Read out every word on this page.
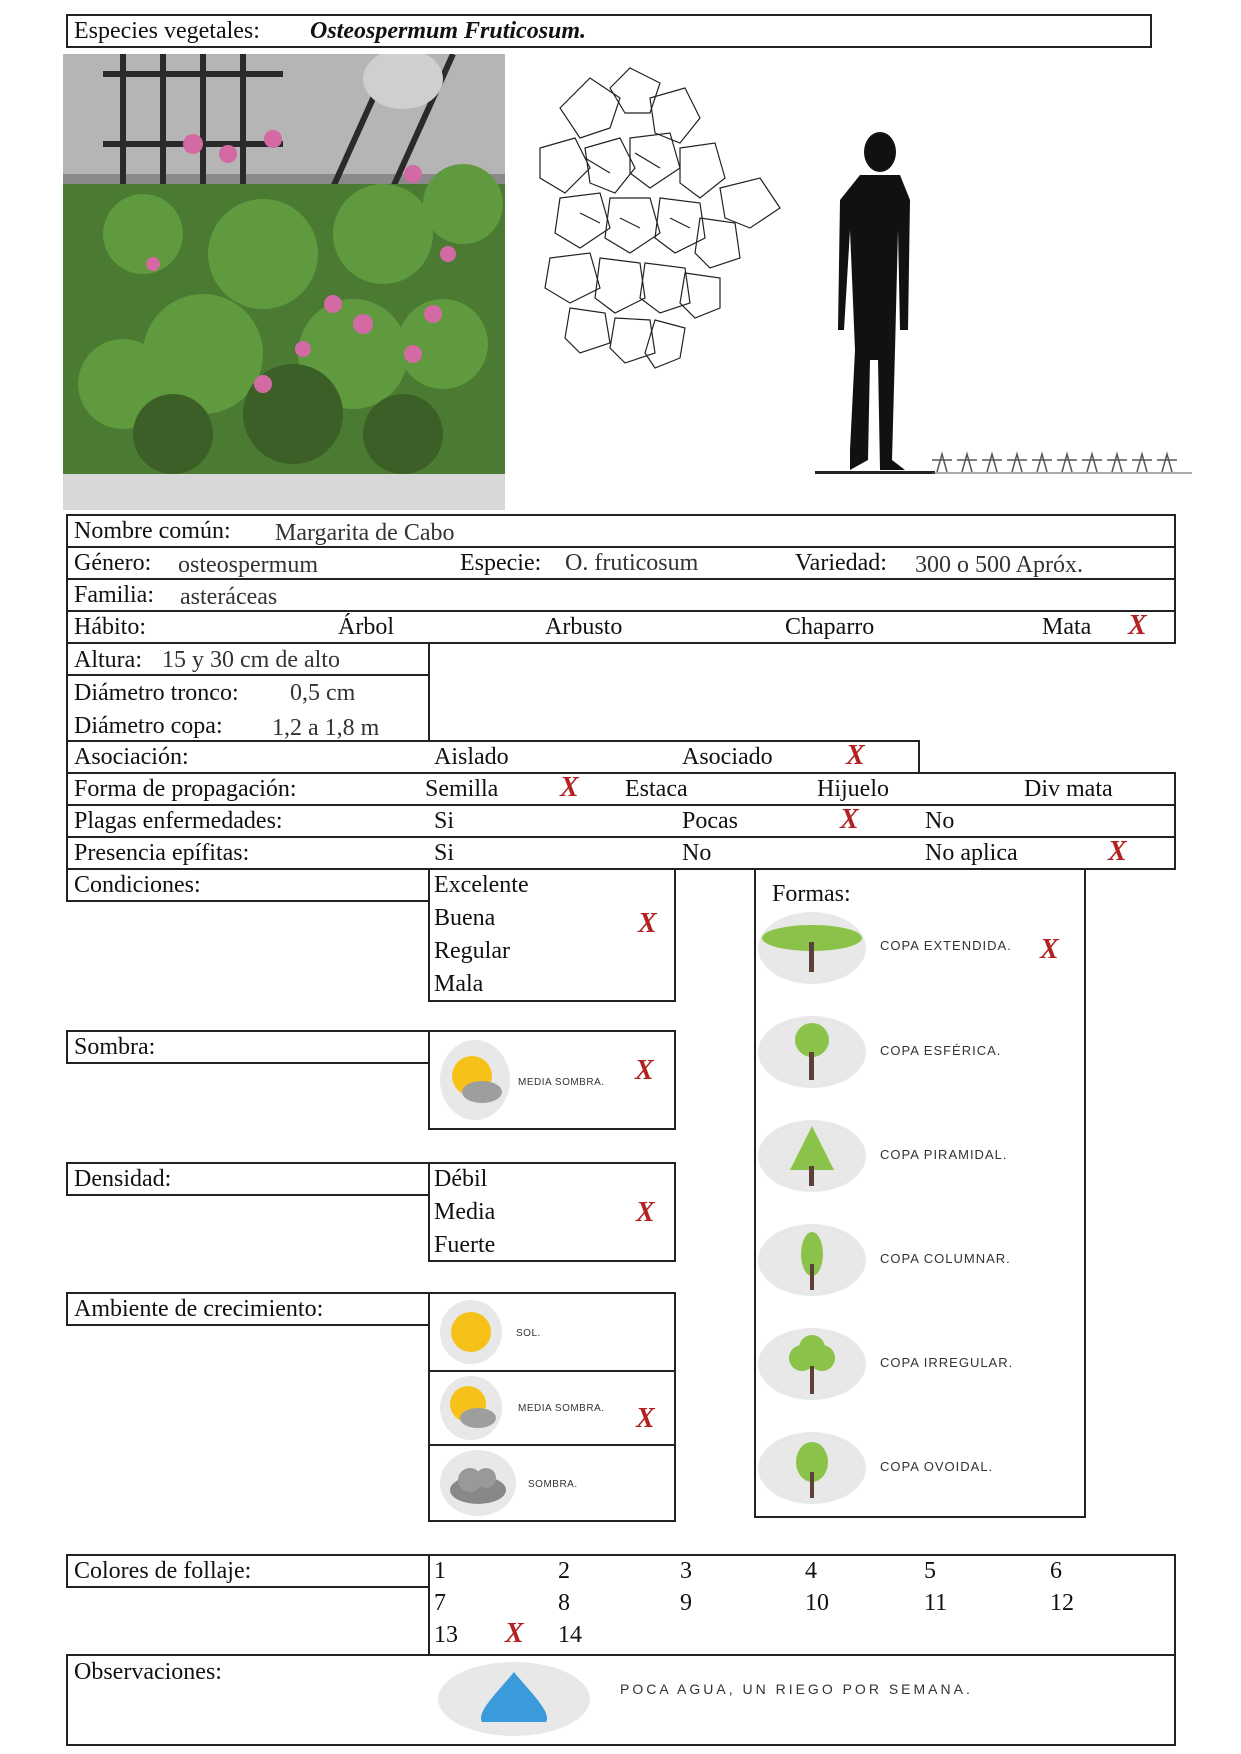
Especies vegetales: Osteospermum Fruticosum.
Nombre común: Margarita de Cabo
Género: osteospermum	Especie: O. fruticosum	Variedad: 300 o 500 Apróx.
Familia: asteráceas
Hábito:	Árbol	Arbusto	Chaparro	Mata X
Altura: 15 y 30 cm de alto
Diámetro tronco: 0,5 cm
Diámetro copa: 1,2 a 1,8 m
Asociación:	Aislado	Asociado	X
Forma de propagación:	Semilla X Estaca	Hijuelo	Div mata
Plagas enfermedades:	Si	Pocas	X	No
Presencia epífitas:	Si	No	No aplica	X
Condiciones:	Excelente
Buena	X
Regular
Mala
Sombra:
MEDIA SOMBRA. X
Densidad:	Débil
Media	X
Fuerte
Ambiente de crecimiento:
SOL.
MEDIA SOMBRA. X
SOMBRA.
Formas:
COPA EXTENDIDA. X
COPA ESFÉRICA.
COPA PIRAMIDAL.
COPA COLUMNAR.
COPA IRREGULAR.
COPA OVOIDAL.
Colores de follaje:	1	2	3	4	5	6
7	8	9	10	11	12
13 X 14
Observaciones:
POCA AGUA, UN RIEGO POR SEMANA.
